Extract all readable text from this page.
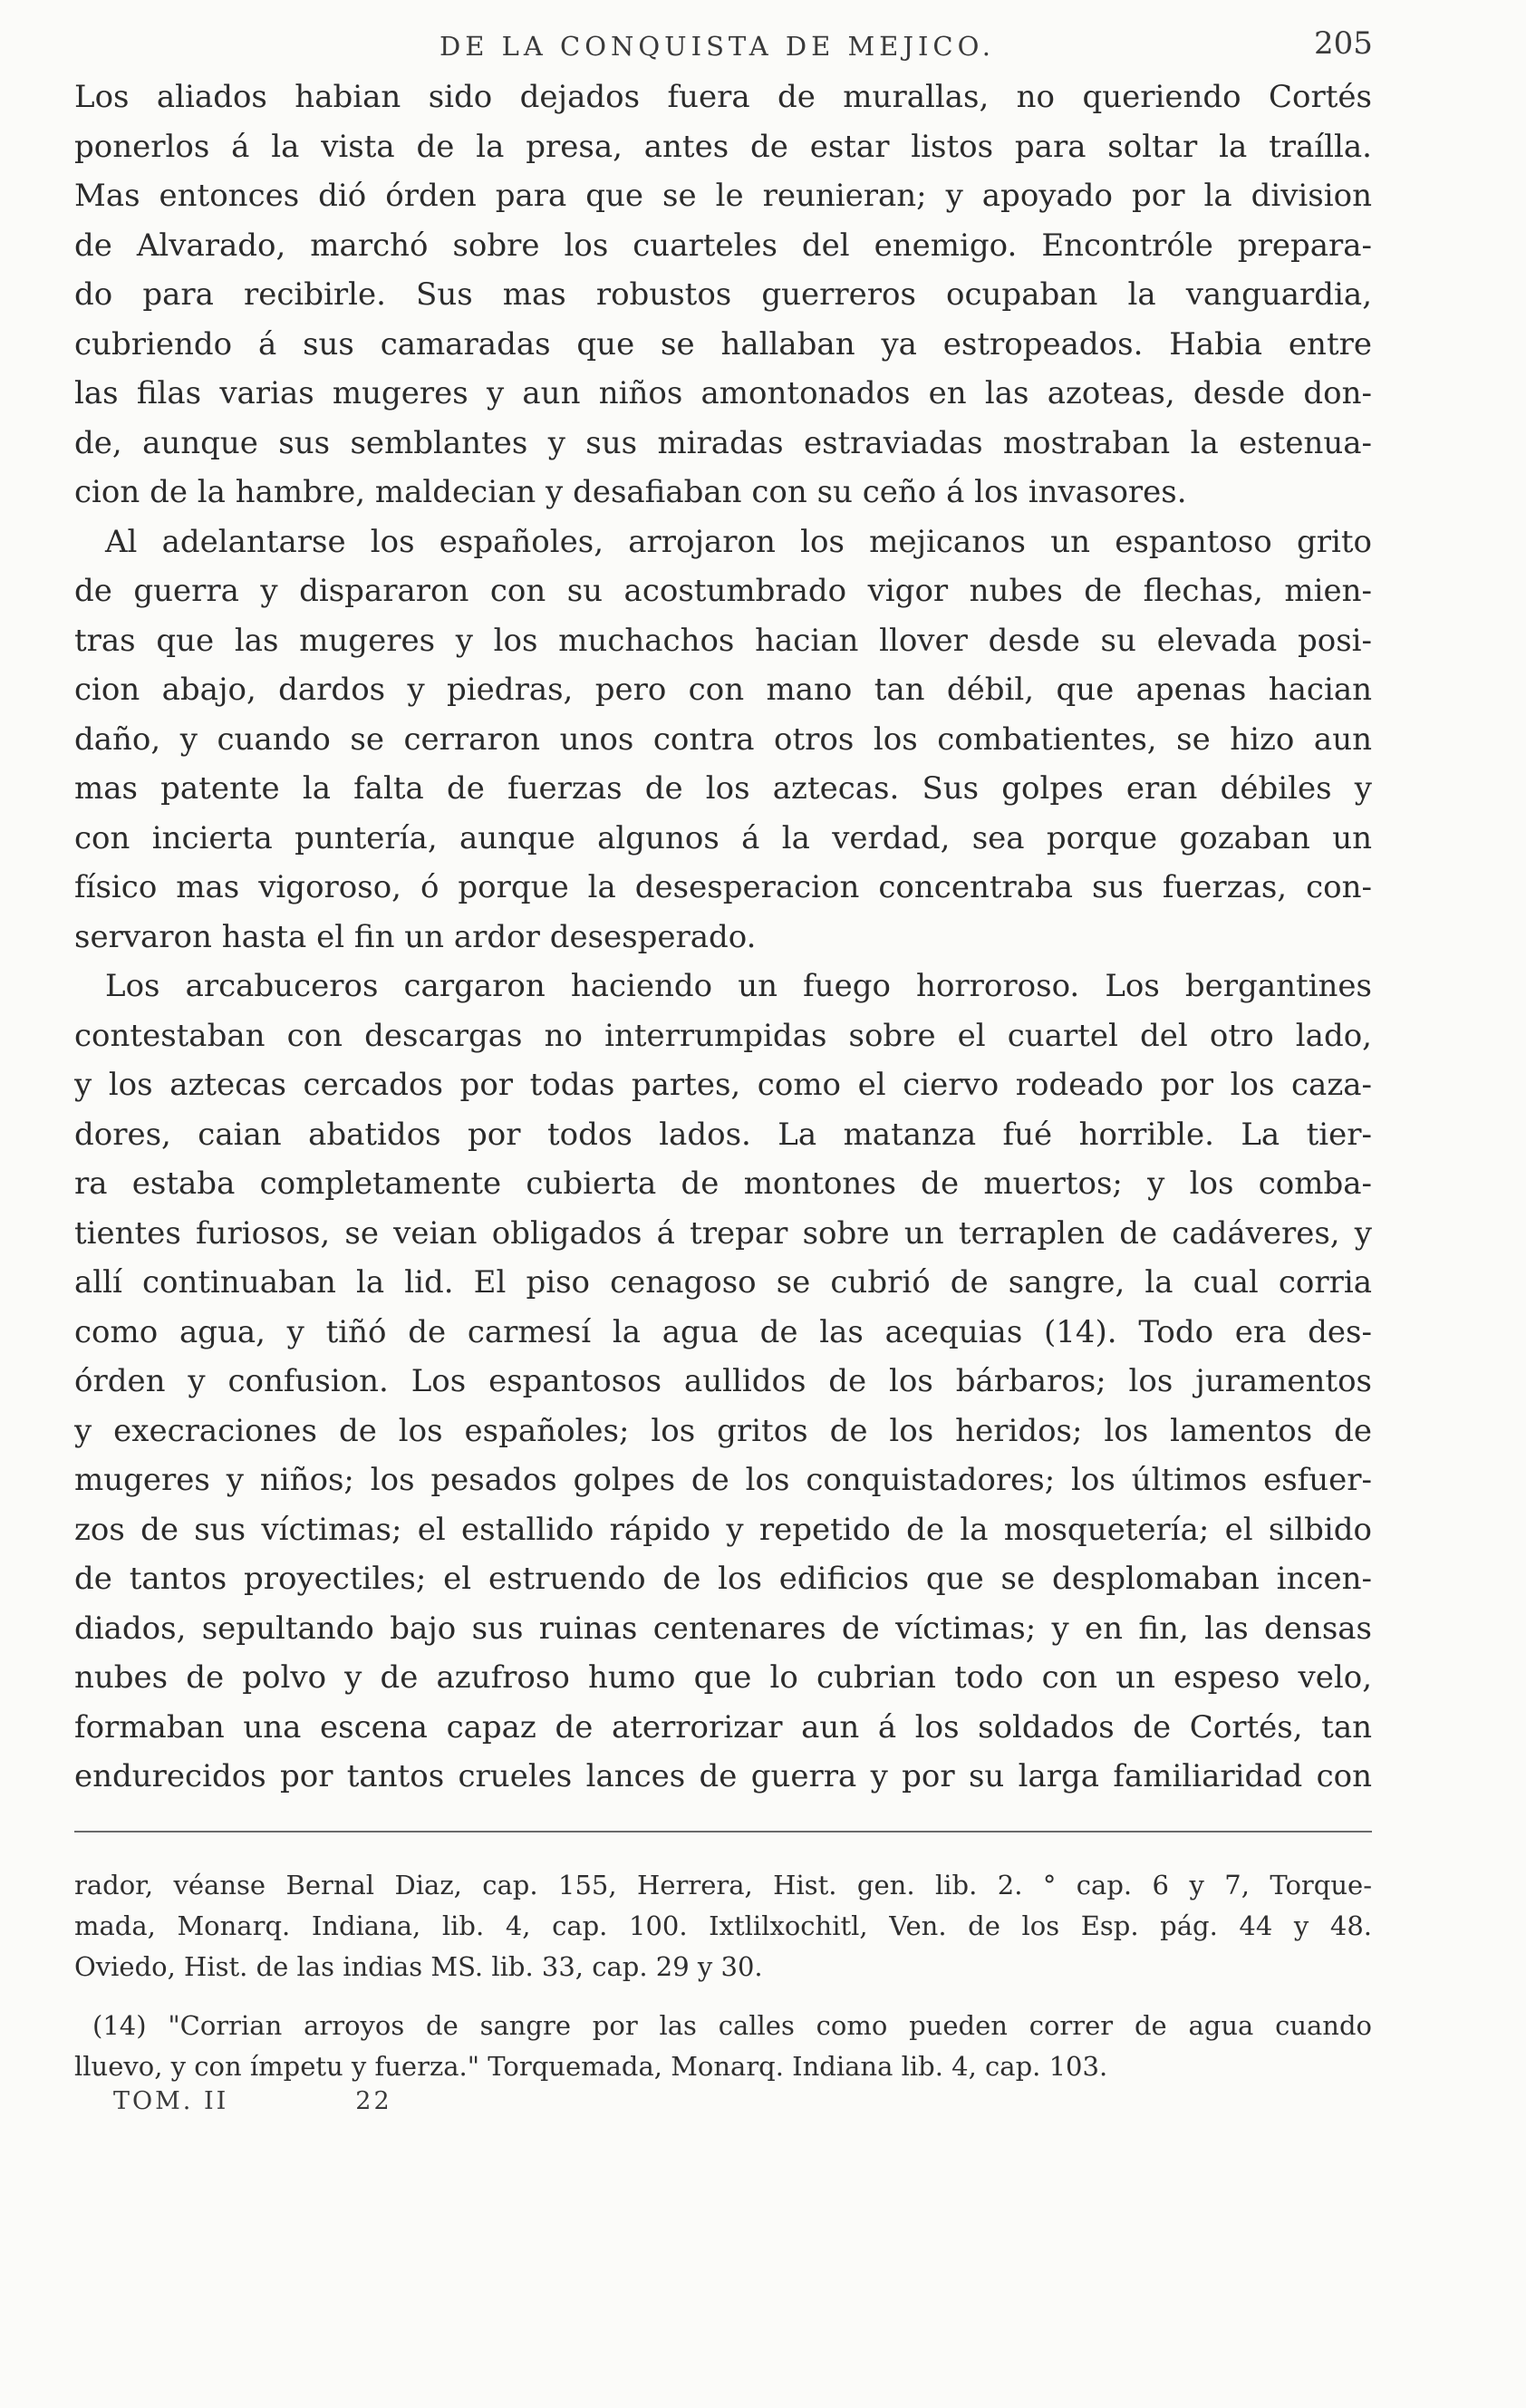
DE LA CONQUISTA DE MEJICO.	205
Los aliados habian sido dejados fuera de murallas, no queriendo Cortés
ponerlos á la vista de la presa, antes de estar listos para soltar la traílla.
Mas entonces dió órden para que se le reunieran; y apoyado por la division
de Alvarado, marchó sobre los cuarteles del enemigo. Encontróle prepara-
do para recibirle. Sus mas robustos guerreros ocupaban la vanguardia,
cubriendo á sus camaradas que se hallaban ya estropeados. Habia entre
las filas varias mugeres y aun niños amontonados en las azoteas, desde don-
de, aunque sus semblantes y sus miradas estraviadas mostraban la estenua-
cion de la hambre, maldecian y desafiaban con su ceño á los invasores.
Al adelantarse los españoles, arrojaron los mejicanos un espantoso grito
de guerra y dispararon con su acostumbrado vigor nubes de flechas, mien-
tras que las mugeres y los muchachos hacian llover desde su elevada posi-
cion abajo, dardos y piedras, pero con mano tan débil, que apenas hacian
daño, y cuando se cerraron unos contra otros los combatientes, se hizo aun
mas patente la falta de fuerzas de los aztecas. Sus golpes eran débiles y
con incierta puntería, aunque algunos á la verdad, sea porque gozaban un
físico mas vigoroso, ó porque la desesperacion concentraba sus fuerzas, con-
servaron hasta el fin un ardor desesperado.
Los arcabuceros cargaron haciendo un fuego horroroso. Los bergantines
contestaban con descargas no interrumpidas sobre el cuartel del otro lado,
y los aztecas cercados por todas partes, como el ciervo rodeado por los caza-
dores, caian abatidos por todos lados. La matanza fué horrible. La tier-
ra estaba completamente cubierta de montones de muertos; y los comba-
tientes furiosos, se veian obligados á trepar sobre un terraplen de cadáveres, y
allí continuaban la lid. El piso cenagoso se cubrió de sangre, la cual corria
como agua, y tiñó de carmesí la agua de las acequias (14). Todo era des-
órden y confusion. Los espantosos aullidos de los bárbaros; los juramentos
y execraciones de los españoles; los gritos de los heridos; los lamentos de
mugeres y niños; los pesados golpes de los conquistadores; los últimos esfuer-
zos de sus víctimas; el estallido rápido y repetido de la mosquetería; el silbido
de tantos proyectiles; el estruendo de los edificios que se desplomaban incen-
diados, sepultando bajo sus ruinas centenares de víctimas; y en fin, las densas
nubes de polvo y de azufroso humo que lo cubrian todo con un espeso velo,
formaban una escena capaz de aterrorizar aun á los soldados de Cortés, tan
endurecidos por tantos crueles lances de guerra y por su larga familiaridad con
rador, véanse Bernal Diaz, cap. 155, Herrera, Hist. gen. lib. 2. ° cap. 6 y 7, Torque-
mada, Monarq. Indiana, lib. 4, cap. 100. Ixtlilxochitl, Ven. de los Esp. pág. 44 y 48.
Oviedo, Hist. de las indias MS. lib. 33, cap. 29 y 30.
(14) "Corrian arroyos de sangre por las calles como pueden correr de agua cuando
lluevo, y con ímpetu y fuerza." Torquemada, Monarq. Indiana lib. 4, cap. 103.
TOM. II	22
